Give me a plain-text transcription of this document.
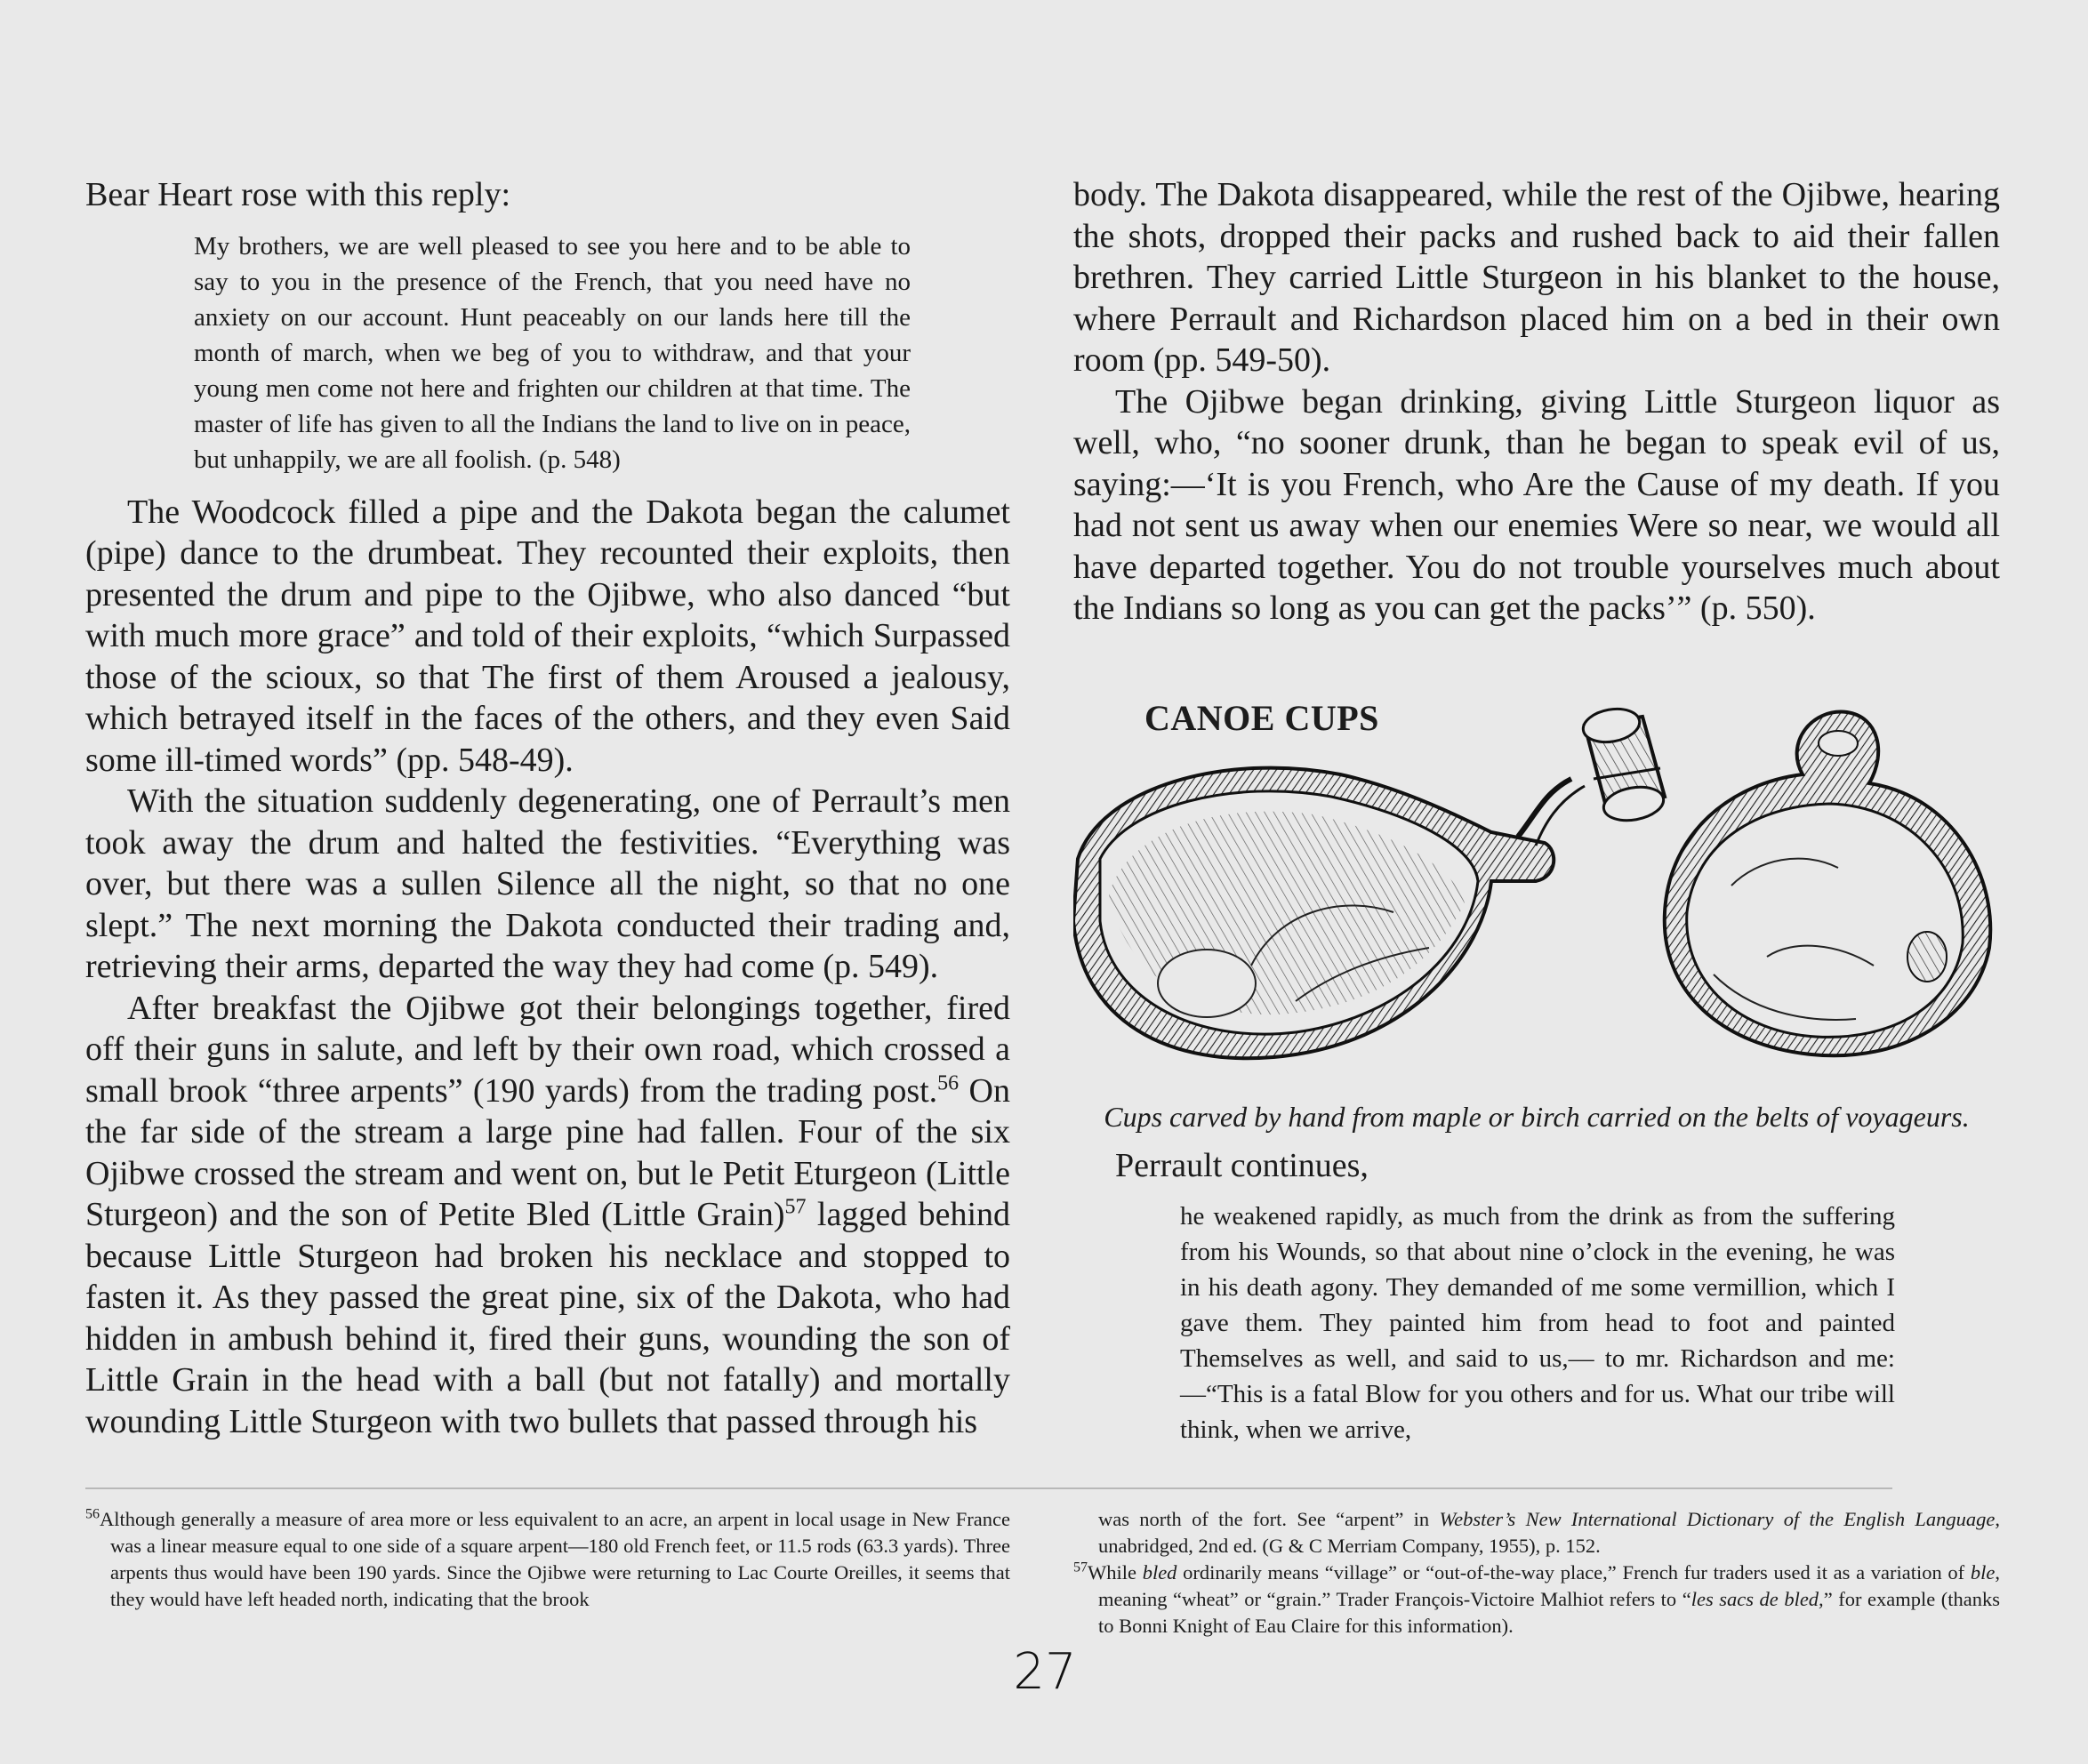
Bear Heart rose with this reply:

My brothers, we are well pleased to see you here and to be able to say to you in the presence of the French, that you need have no anxiety on our account. Hunt peaceably on our lands here till the month of march, when we beg of you to withdraw, and that your young men come not here and frighten our children at that time. The master of life has given to all the Indians the land to live on in peace, but unhappily, we are all foolish. (p. 548)

The Woodcock filled a pipe and the Dakota began the calumet (pipe) dance to the drumbeat. They recounted their exploits, then presented the drum and pipe to the Ojibwe, who also danced “but with much more grace” and told of their exploits, “which Surpassed those of the scioux, so that The first of them Aroused a jealousy, which betrayed itself in the faces of the others, and they even Said some ill-timed words” (pp. 548-49).

With the situation suddenly degenerating, one of Perrault’s men took away the drum and halted the festivities. “Everything was over, but there was a sullen Silence all the night, so that no one slept.” The next morning the Dakota conducted their trading and, retrieving their arms, departed the way they had come (p. 549).

After breakfast the Ojibwe got their belongings together, fired off their guns in salute, and left by their own road, which crossed a small brook “three arpents” (190 yards) from the trading post.$^{56}$ On the far side of the stream a large pine had fallen. Four of the six Ojibwe crossed the stream and went on, but le Petit Eturgeon (Little Sturgeon) and the son of Petite Bled (Little Grain)$^{57}$ lagged behind because Little Sturgeon had broken his necklace and stopped to fasten it. As they passed the great pine, six of the Dakota, who had hidden in ambush behind it, fired their guns, wounding the son of Little Grain in the head with a ball (but not fatally) and mortally wounding Little Sturgeon with two bullets that passed through his

body. The Dakota disappeared, while the rest of the Ojibwe, hearing the shots, dropped their packs and rushed back to aid their fallen brethren. They carried Little Sturgeon in his blanket to the house, where Perrault and Richardson placed him on a bed in their own room (pp. 549-50).

The Ojibwe began drinking, giving Little Sturgeon liquor as well, who, “no sooner drunk, than he began to speak evil of us, saying:—‘It is you French, who Are the Cause of my death. If you had not sent us away when our enemies Were so near, we would all have departed together. You do not trouble yourselves much about the Indians so long as you can get the packs’” (p. 550).

CANOE CUPS

Cups carved by hand from maple or birch carried on the belts of voyageurs.

Perrault continues,

he weakened rapidly, as much from the drink as from the suffering from his Wounds, so that about nine o’clock in the evening, he was in his death agony. They demanded of me some vermillion, which I gave them. They painted him from head to foot and painted Themselves as well, and said to us,— to mr. Richardson and me:—“This is a fatal Blow for you others and for us. What our tribe will think, when we arrive,

$^{56}$Although generally a measure of area more or less equivalent to an acre, an arpent in local usage in New France was a linear measure equal to one side of a square arpent—180 old French feet, or 11.5 rods (63.3 yards). Three arpents thus would have been 190 yards. Since the Ojibwe were returning to Lac Courte Oreilles, it seems that they would have left headed north, indicating that the brook

was north of the fort. See “arpent” in Webster’s New International Dictionary of the English Language, unabridged, 2nd ed. (G & C Merriam Company, 1955), p. 152.

$^{57}$While bled ordinarily means “village” or “out-of-the-way place,” French fur traders used it as a variation of ble, meaning “wheat” or “grain.” Trader François-Victoire Malhiot refers to “les sacs de bled,” for example (thanks to Bonni Knight of Eau Claire for this information).

27
